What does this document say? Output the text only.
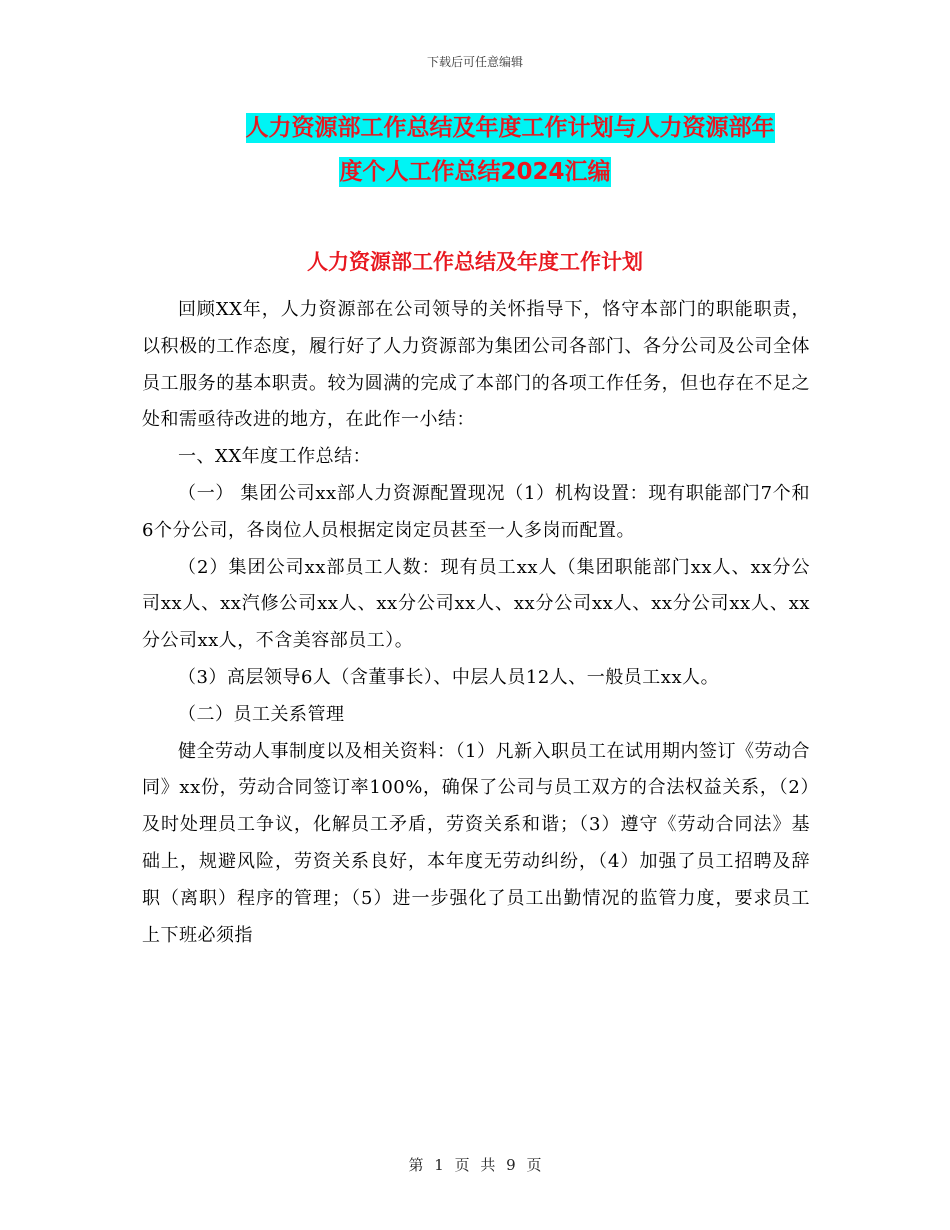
下载后可任意编辑
人力资源部工作总结及年度工作计划与人力资源部年
度个人工作总结2024汇编
人力资源部工作总结及年度工作计划

回顾XX年，人力资源部在公司领导的关怀指导下，恪守本部门的职能职责，以积极的工作态度，履行好了人力资源部为集团公司各部门、各分公司及公司全体员工服务的基本职责。较为圆满的完成了本部门的各项工作任务，但也存在不足之处和需亟待改进的地方，在此作一小结：

一、XX年度工作总结：

（一） 集团公司xx部人力资源配置现况（1）机构设置：现有职能部门7个和6个分公司，各岗位人员根据定岗定员甚至一人多岗而配置。

（2）集团公司xx部员工人数：现有员工xx人（集团职能部门xx人、xx分公司xx人、xx汽修公司xx人、xx分公司xx人、xx分公司xx人、xx分公司xx人、xx分公司xx人，不含美容部员工）。

（3）高层领导6人（含董事长）、中层人员12人、一般员工xx人。

（二）员工关系管理

健全劳动人事制度以及相关资料：（1）凡新入职员工在试用期内签订《劳动合同》xx份，劳动合同签订率100%，确保了公司与员工双方的合法权益关系，（2）及时处理员工争议，化解员工矛盾，劳资关系和谐；（3）遵守《劳动合同法》基础上，规避风险，劳资关系良好，本年度无劳动纠纷，（4）加强了员工招聘及辞职（离职）程序的管理；（5）进一步强化了员工出勤情况的监管力度，要求员工上下班必须指

第 1 页 共 9 页
